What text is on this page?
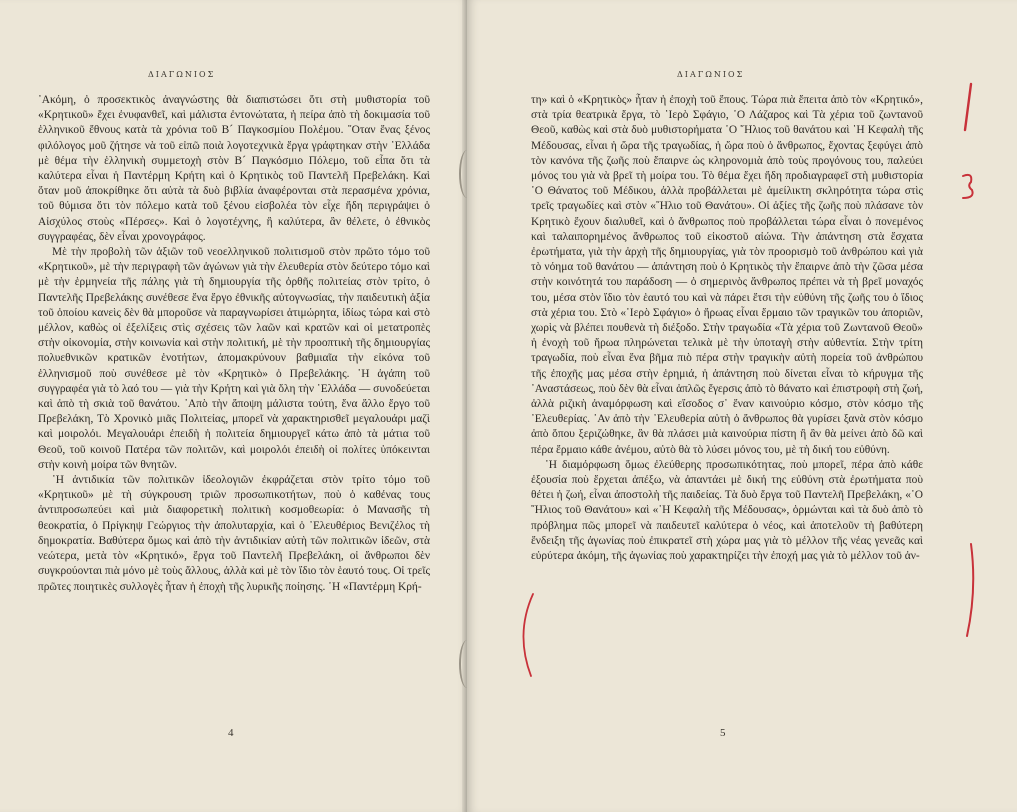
ΔΙΑΓΩΝΙΟΣ

᾿Ακόμη, ὁ προσεκτικὸς ἀναγνώστης θὰ διαπιστώσει ὅτι στὴ μυθιστορία τοῦ «Κρητικοῦ» ἔχει ἐνυφανθεῖ, καὶ μάλιστα ἐντονώτατα, ἡ πείρα ἀπὸ τὴ δοκιμασία τοῦ ἑλληνικοῦ ἔθνους κατὰ τὰ χρόνια τοῦ Β´ Παγκοσμίου Πολέμου. ῞Οταν ἕνας ξένος φιλόλογος μοῦ ζήτησε νὰ τοῦ εἰπῶ ποιὰ λογοτεχνικὰ ἔργα γράφτηκαν στὴν ῾Ελλάδα μὲ θέμα τὴν ἑλληνικὴ συμμετοχὴ στὸν Β´ Παγκόσμιο Πόλεμο, τοῦ εἶπα ὅτι τὰ καλύτερα εἶναι ἡ Παντέρμη Κρήτη καὶ ὁ Κρητικὸς τοῦ Παντελῆ Πρεβελάκη. Καὶ ὅταν μοῦ ἀποκρίθηκε ὅτι αὐτὰ τὰ δυὸ βιβλία ἀναφέρονται στὰ περασμένα χρόνια, τοῦ θύμισα ὅτι τὸν πόλεμο κατὰ τοῦ ξένου εἰσβολέα τὸν εἶχε ἤδη περιγράψει ὁ Αἰσχύλος στοὺς «Πέρσες». Καὶ ὁ λογοτέχνης, ἢ καλύτερα, ἂν θέλετε, ὁ ἐθνικὸς συγγραφέας, δὲν εἶναι χρονογράφος.

Μὲ τὴν προβολὴ τῶν ἀξιῶν τοῦ νεοελληνικοῦ πολιτισμοῦ στὸν πρῶτο τόμο τοῦ «Κρητικοῦ», μὲ τὴν περιγραφὴ τῶν ἀγώνων γιὰ τὴν ἐλευθερία στὸν δεύτερο τόμο καὶ μὲ τὴν ἑρμηνεία τῆς πάλης γιὰ τὴ δημιουργία τῆς ὀρθῆς πολιτείας στὸν τρίτο, ὁ Παντελῆς Πρεβελάκης συνέθεσε ἕνα ἔργο ἐθνικῆς αὐτογνωσίας, τὴν παιδευτικὴ ἀξία τοῦ ὁποίου κανεὶς δὲν θὰ μποροῦσε νὰ παραγνωρίσει ἀτιμώρητα, ἰδίως τώρα καὶ στὸ μέλλον, καθὼς οἱ ἐξελίξεις στὶς σχέσεις τῶν λαῶν καὶ κρατῶν καὶ οἱ μετατροπὲς στὴν οἰκονομία, στὴν κοινωνία καὶ στὴν πολιτική, μὲ τὴν προοπτικὴ τῆς δημιουργίας πολυεθνικῶν κρατικῶν ἑνοτήτων, ἀπομακρύνουν βαθμιαῖα τὴν εἰκόνα τοῦ ἑλληνισμοῦ ποὺ συνέθεσε μὲ τὸν «Κρητικὸ» ὁ Πρεβελάκης. ῾Η ἀγάπη τοῦ συγγραφέα γιὰ τὸ λαό του — γιὰ τὴν Κρήτη καὶ γιὰ ὅλη τὴν ῾Ελλάδα — συνοδεύεται καὶ ἀπὸ τὴ σκιὰ τοῦ θανάτου. ᾿Απὸ τὴν ἄποψη μάλιστα τούτη, ἕνα ἄλλο ἔργο τοῦ Πρεβελάκη, Τὸ Χρονικὸ μιᾶς Πολιτείας, μπορεῖ νὰ χαρακτηρισθεῖ μεγαλουάρι μαζὶ καὶ μοιρολόι. Μεγαλουάρι ἐπειδὴ ἡ πολιτεία δημιουργεῖ κάτω ἀπὸ τὰ μάτια τοῦ Θεοῦ, τοῦ κοινοῦ Πατέρα τῶν πολιτῶν, καὶ μοιρολόι ἐπειδὴ οἱ πολίτες ὑπόκεινται στὴν κοινὴ μοίρα τῶν θνητῶν.

῾Η ἀντιδικία τῶν πολιτικῶν ἰδεολογιῶν ἐκφράζεται στὸν τρίτο τόμο τοῦ «Κρητικοῦ» μὲ τὴ σύγκρουση τριῶν προσωπικοτήτων, ποὺ ὁ καθένας τους ἀντιπροσωπεύει καὶ μιὰ διαφορετικὴ πολιτικὴ κοσμοθεωρία: ὁ Μανασῆς τὴ θεοκρατία, ὁ Πρίγκηψ Γεώργιος τὴν ἀπολυταρχία, καὶ ὁ ᾿Ελευθέριος Βενιζέλος τὴ δημοκρατία. Βαθύτερα ὅμως καὶ ἀπὸ τὴν ἀντιδικίαν αὐτὴ τῶν πολιτικῶν ἰδεῶν, στὰ νεώτερα, μετὰ τὸν «Κρητικό», ἔργα τοῦ Παντελῆ Πρεβελάκη, οἱ ἄνθρωποι δὲν συγκρούονται πιὰ μόνο μὲ τοὺς ἄλλους, ἀλλὰ καὶ μὲ τὸν ἴδιο τὸν ἑαυτό τους. Οἱ τρεῖς πρῶτες ποιητικὲς συλλογὲς ἦταν ἡ ἐποχὴ τῆς λυρικῆς ποίησης. ῾Η «Παντέρμη Κρή-

4
ΔΙΑΓΩΝΙΟΣ

τη» καὶ ὁ «Κρητικὸς» ἦταν ἡ ἐποχὴ τοῦ ἔπους. Τώρα πιὰ ἔπειτα ἀπὸ τὸν «Κρητικό», στὰ τρία θεατρικὰ ἔργα, τὸ ῾Ιερὸ Σφάγιο, ῾Ο Λάζαρος καὶ Τὰ χέρια τοῦ ζωντανοῦ Θεοῦ, καθὼς καὶ στὰ δυὸ μυθιστορήματα ῾Ο ῞Ηλιος τοῦ θανάτου καὶ ῾Η Κεφαλὴ τῆς Μέδουσας, εἶναι ἡ ὥρα τῆς τραγωδίας, ἡ ὥρα ποὺ ὁ ἄνθρωπος, ἔχοντας ξεφύγει ἀπὸ τὸν κανόνα τῆς ζωῆς ποὺ ἔπαιρνε ὡς κληρονομιὰ ἀπὸ τοὺς προγόνους του, παλεύει μόνος του γιὰ νὰ βρεῖ τὴ μοίρα του. Τὸ θέμα ἔχει ἤδη προδιαγραφεῖ στὴ μυθιστορία ῾Ο Θάνατος τοῦ Μέδικου, ἀλλὰ προβάλλεται μὲ ἀμείλικτη σκληρότητα τώρα στὶς τρεῖς τραγωδίες καὶ στὸν «῞Ηλιο τοῦ Θανάτου». Οἱ ἀξίες τῆς ζωῆς ποὺ πλάσανε τὸν Κρητικὸ ἔχουν διαλυθεῖ, καὶ ὁ ἄνθρωπος ποὺ προβάλλεται τώρα εἶναι ὁ πονεμένος καὶ ταλαιπορημένος ἄνθρωπος τοῦ εἰκοστοῦ αἰώνα. Τὴν ἀπάντηση στὰ ἔσχατα ἐρωτήματα, γιὰ τὴν ἀρχὴ τῆς δημιουργίας, γιὰ τὸν προορισμὸ τοῦ ἀνθρώπου καὶ γιὰ τὸ νόημα τοῦ θανάτου — ἀπάντηση ποὺ ὁ Κρητικὸς τὴν ἔπαιρνε ἀπὸ τὴν ζῶσα μέσα στὴν κοινότητά του παράδοση — ὁ σημερινὸς ἄνθρωπος πρέπει νὰ τὴ βρεῖ μοναχός του, μέσα στὸν ἴδιο τὸν ἑαυτό του καὶ νὰ πάρει ἔτσι τὴν εὐθύνη τῆς ζωῆς του ὁ ἴδιος στὰ χέρια του. Στὸ «῾Ιερὸ Σφάγιο» ὁ ἥρωας εἶναι ἔρμαιο τῶν τραγικῶν του ἀποριῶν, χωρὶς νὰ βλέπει πουθενὰ τὴ διέξοδο. Στὴν τραγωδία «Τὰ χέρια τοῦ Ζωντανοῦ Θεοῦ» ἡ ἐνοχὴ τοῦ ἥρωα πληρώνεται τελικὰ μὲ τὴν ὑποταγὴ στὴν αὐθεντία. Στὴν τρίτη τραγωδία, ποὺ εἶναι ἕνα βῆμα πιὸ πέρα στὴν τραγικὴν αὐτὴ πορεία τοῦ ἀνθρώπου τῆς ἐποχῆς μας μέσα στὴν ἐρημιά, ἡ ἀπάντηση ποὺ δίνεται εἶναι τὸ κήρυγμα τῆς ᾿Αναστάσεως, ποὺ δὲν θὰ εἶναι ἁπλῶς ἔγερσις ἀπὸ τὸ θάνατο καὶ ἐπιστροφὴ στὴ ζωή, ἀλλὰ ριζικὴ ἀναμόρφωση καὶ εἴσοδος σ᾿ ἕναν καινούριο κόσμο, στὸν κόσμο τῆς ᾿Ελευθερίας. ᾿Αν ἀπὸ τὴν ᾿Ελευθερία αὐτὴ ὁ ἄνθρωπος θὰ γυρίσει ξανὰ στὸν κόσμο ἀπὸ ὅπου ξεριζώθηκε, ἂν θὰ πλάσει μιὰ καινούρια πίστη ἢ ἂν θὰ μείνει ἀπὸ δῶ καὶ πέρα ἔρμαιο κάθε ἀνέμου, αὐτὸ θὰ τὸ λύσει μόνος του, μὲ τὴ δική του εὐθύνη.

῾Η διαμόρφωση ὅμως ἐλεύθερης προσωπικότητας, ποὺ μπορεῖ, πέρα ἀπὸ κάθε ἐξουσία ποὺ ἔρχεται ἀπέξω, νὰ ἀπαντάει μὲ δική της εὐθύνη στὰ ἐρωτήματα ποὺ θέτει ἡ ζωή, εἶναι ἀποστολὴ τῆς παιδείας. Τὰ δυὸ ἔργα τοῦ Παντελῆ Πρεβελάκη, «῾Ο ῞Ηλιος τοῦ Θανάτου» καὶ «῾Η Κεφαλὴ τῆς Μέδουσας», ὁρμώνται καὶ τὰ δυὸ ἀπὸ τὸ πρόβλημα πῶς μπορεῖ νὰ παιδευτεῖ καλύτερα ὁ νέος, καὶ ἀποτελοῦν τὴ βαθύτερη ἔνδειξη τῆς ἀγωνίας ποὺ ἐπικρατεῖ στὴ χώρα μας γιὰ τὸ μέλλον τῆς νέας γενεᾶς καὶ εὐρύτερα ἀκόμη, τῆς ἀγωνίας ποὺ χαρακτηρίζει τὴν ἐποχή μας γιὰ τὸ μέλλον τοῦ ἀν-

5
